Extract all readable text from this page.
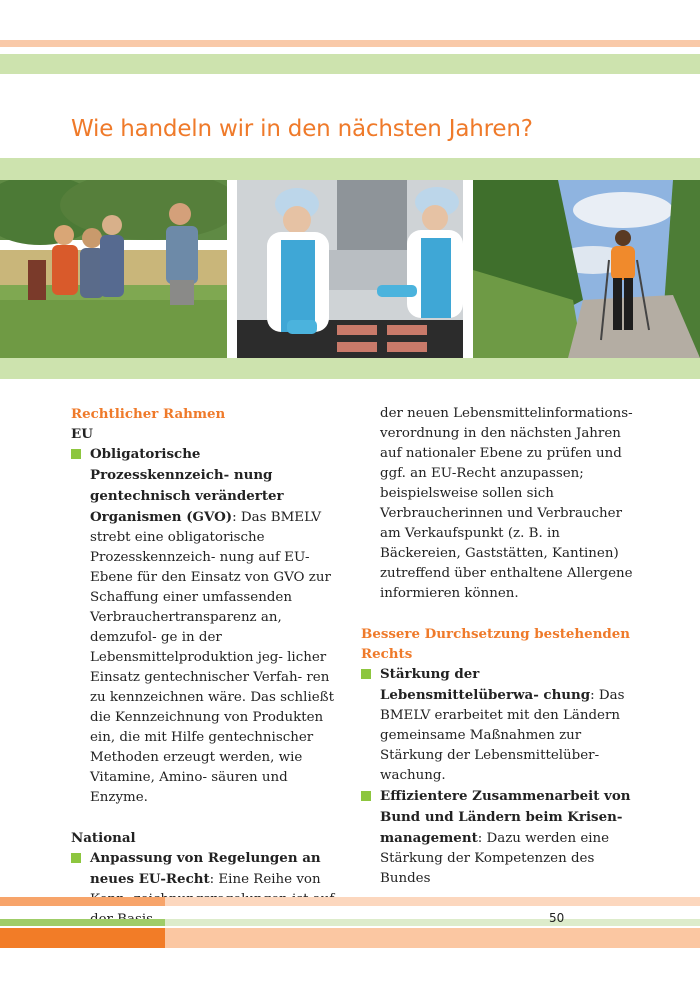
Wie handeln wir in den nächsten Jahren?

Rechtlicher Rahmen

EU

Obligatorische Prozesskennzeich- nung gentechnisch veränderter Organismen (GVO): Das BMELV strebt eine obligatorische Prozesskennzeich- nung auf EU-Ebene für den Einsatz von GVO zur Schaffung einer umfassenden Verbrauchertransparenz an, demzufol- ge in der Lebensmittelproduktion jeg- licher Einsatz gentechnischer Verfah- ren zu kennzeichnen wäre. Das schließt die Kennzeichnung von Produkten ein, die mit Hilfe gentechnischer Methoden erzeugt werden, wie Vitamine, Amino- säuren und Enzyme.

National

Anpassung von Regelungen an neues EU-Recht: Eine Reihe von

der neuen Lebensmittelinformations- verordnung in den nächsten Jahren auf nationaler Ebene zu prüfen und ggf. an EU-Recht anzupassen; beispielsweise sollen sich Verbraucherinnen und Verbraucher am Verkaufspunkt (z. B. in Bäckereien, Gaststätten, Kantinen) zutreffend über enthaltene Allergene informieren können.

Bessere Durchsetzung bestehenden Rechts

Stärkung der Lebensmittelüberwa- chung: Das BMELV erarbeitet mit den Ländern gemeinsame Maßnahmen zur Stärkung der Lebensmittelüber- wachung.
Effizientere Zusammenarbeit von Bund und Ländern beim Krisen- management: Dazu werden eine Stärkung der Kompetenzen des Bundes
50
